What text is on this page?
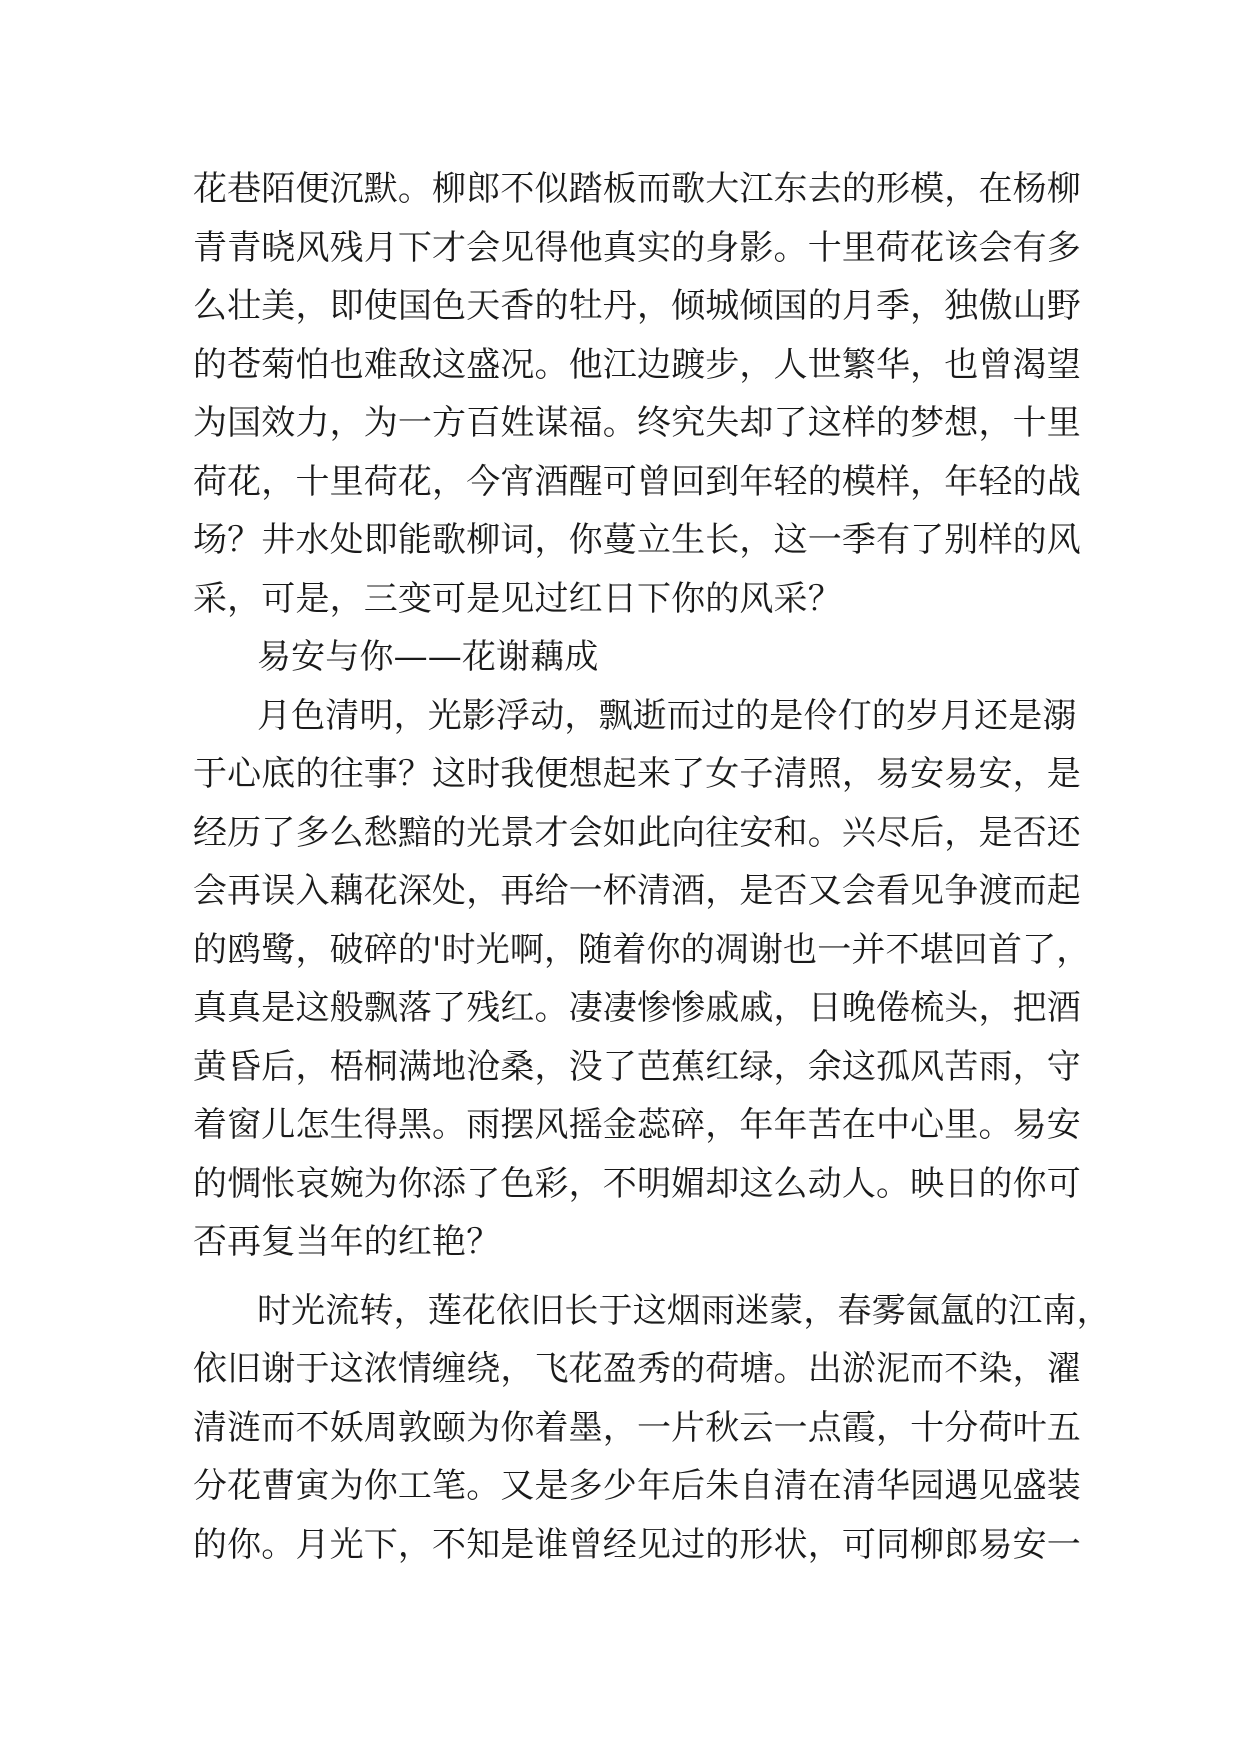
花巷陌便沉默。柳郎不似踏板而歌大江东去的形模，在杨柳
青青晓风残月下才会见得他真实的身影。十里荷花该会有多
么壮美，即使国色天香的牡丹，倾城倾国的月季，独傲山野
的苍菊怕也难敌这盛况。他江边踱步，人世繁华，也曾渴望
为国效力，为一方百姓谋福。终究失却了这样的梦想，十里
荷花，十里荷花，今宵酒醒可曾回到年轻的模样，年轻的战
场？井水处即能歌柳词，你蔓立生长，这一季有了别样的风
采，可是，三变可是见过红日下你的风采？
易安与你——花谢藕成
月色清明，光影浮动，飘逝而过的是伶仃的岁月还是溺
于心底的往事？这时我便想起来了女子清照，易安易安，是
经历了多么愁黯的光景才会如此向往安和。兴尽后，是否还
会再误入藕花深处，再给一杯清酒，是否又会看见争渡而起
的鸥鹭，破碎的'时光啊，随着你的凋谢也一并不堪回首了，
真真是这般飘落了残红。凄凄惨惨戚戚，日晚倦梳头，把酒
黄昏后，梧桐满地沧桑，没了芭蕉红绿，余这孤风苦雨，守
着窗儿怎生得黑。雨摆风摇金蕊碎，年年苦在中心里。易安
的惆怅哀婉为你添了色彩，不明媚却这么动人。映日的你可
否再复当年的红艳？
时光流转，莲花依旧长于这烟雨迷蒙，春雾氤氲的江南，
依旧谢于这浓情缠绕，飞花盈秀的荷塘。出淤泥而不染，濯
清涟而不妖周敦颐为你着墨，一片秋云一点霞，十分荷叶五
分花曹寅为你工笔。又是多少年后朱自清在清华园遇见盛装
的你。月光下，不知是谁曾经见过的形状，可同柳郎易安一
